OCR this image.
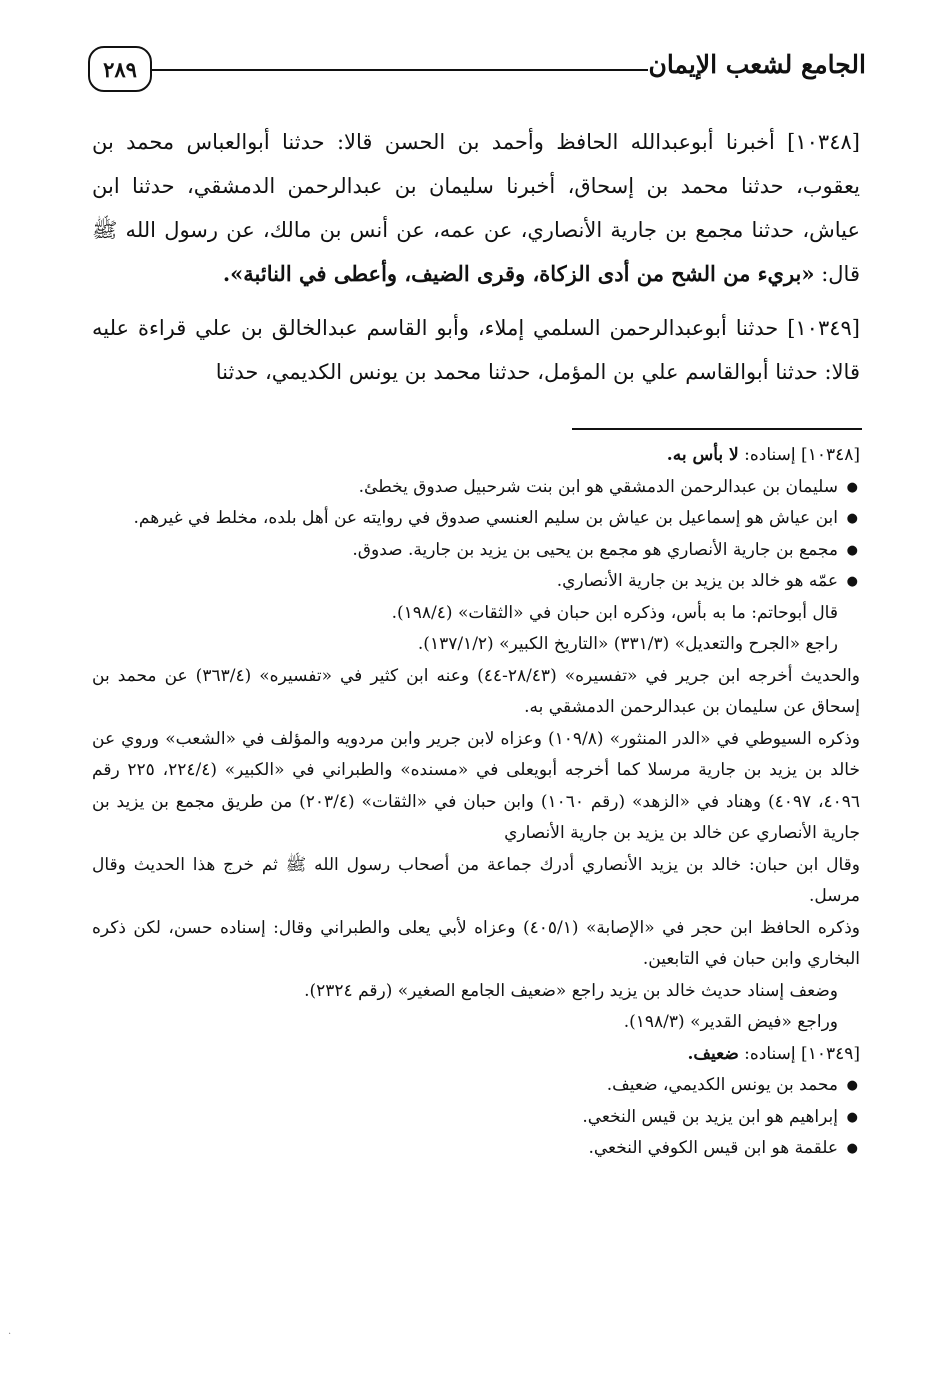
الجامع لشعب الإيمان
٢٨٩

[١٠٣٤٨] أخبرنا أبوعبدالله الحافظ وأحمد بن الحسن قالا: حدثنا أبوالعباس محمد بن يعقوب، حدثنا محمد بن إسحاق، أخبرنا سليمان بن عبدالرحمن الدمشقي، حدثنا ابن عياش، حدثنا مجمع بن جارية الأنصاري، عن عمه، عن أنس بن مالك، عن رسول الله ﷺ قال: «بريء من الشح من أدى الزكاة، وقرى الضيف، وأعطى في النائبة».

[١٠٣٤٩] حدثنا أبوعبدالرحمن السلمي إملاء، وأبو القاسم عبدالخالق بن علي قراءة عليه قالا: حدثنا أبوالقاسم علي بن المؤمل، حدثنا محمد بن يونس الكديمي، حدثنا

[١٠٣٤٨] إسناده: لا بأس به.

● سليمان بن عبدالرحمن الدمشقي هو ابن بنت شرحبيل صدوق يخطئ.
● ابن عياش هو إسماعيل بن عياش بن سليم العنسي صدوق في روايته عن أهل بلده، مخلط في غيرهم.
● مجمع بن جارية الأنصاري هو مجمع بن يحيى بن يزيد بن جارية. صدوق.
● عمّه هو خالد بن يزيد بن جارية الأنصاري.

قال أبوحاتم: ما به بأس، وذكره ابن حبان في «الثقات» (١٩٨/٤).

راجع «الجرح والتعديل» (٣٣١/٣) «التاريخ الكبير» (١٣٧/١/٢).

والحديث أخرجه ابن جرير في «تفسيره» (٢٨/٤٣-٤٤) وعنه ابن كثير في «تفسيره» (٣٦٣/٤) عن محمد بن إسحاق عن سليمان بن عبدالرحمن الدمشقي به.

وذكره السيوطي في «الدر المنثور» (١٠٩/٨) وعزاه لابن جرير وابن مردويه والمؤلف في «الشعب» وروي عن خالد بن يزيد بن جارية مرسلا كما أخرجه أبويعلى في «مسنده» والطبراني في «الكبير» (٢٢٤/٤، ٢٢٥ رقم ٤٠٩٦، ٤٠٩٧) وهناد في «الزهد» (رقم ١٠٦٠) وابن حبان في «الثقات» (٢٠٣/٤) من طريق مجمع بن يزيد بن جارية الأنصاري عن خالد بن يزيد بن جارية الأنصاري

وقال ابن حبان: خالد بن يزيد الأنصاري أدرك جماعة من أصحاب رسول الله ﷺ ثم خرج هذا الحديث وقال مرسل.

وذكره الحافظ ابن حجر في «الإصابة» (٤٠٥/١) وعزاه لأبي يعلى والطبراني وقال: إسناده حسن، لكن ذكره البخاري وابن حبان في التابعين.

وضعف إسناد حديث خالد بن يزيد راجع «ضعيف الجامع الصغير» (رقم ٢٣٢٤).

وراجع «فيض القدير» (١٩٨/٣).

[١٠٣٤٩] إسناده: ضعيف.

● محمد بن يونس الكديمي، ضعيف.
● إبراهيم هو ابن يزيد بن قيس النخعي.
● علقمة هو ابن قيس الكوفي النخعي.
.
